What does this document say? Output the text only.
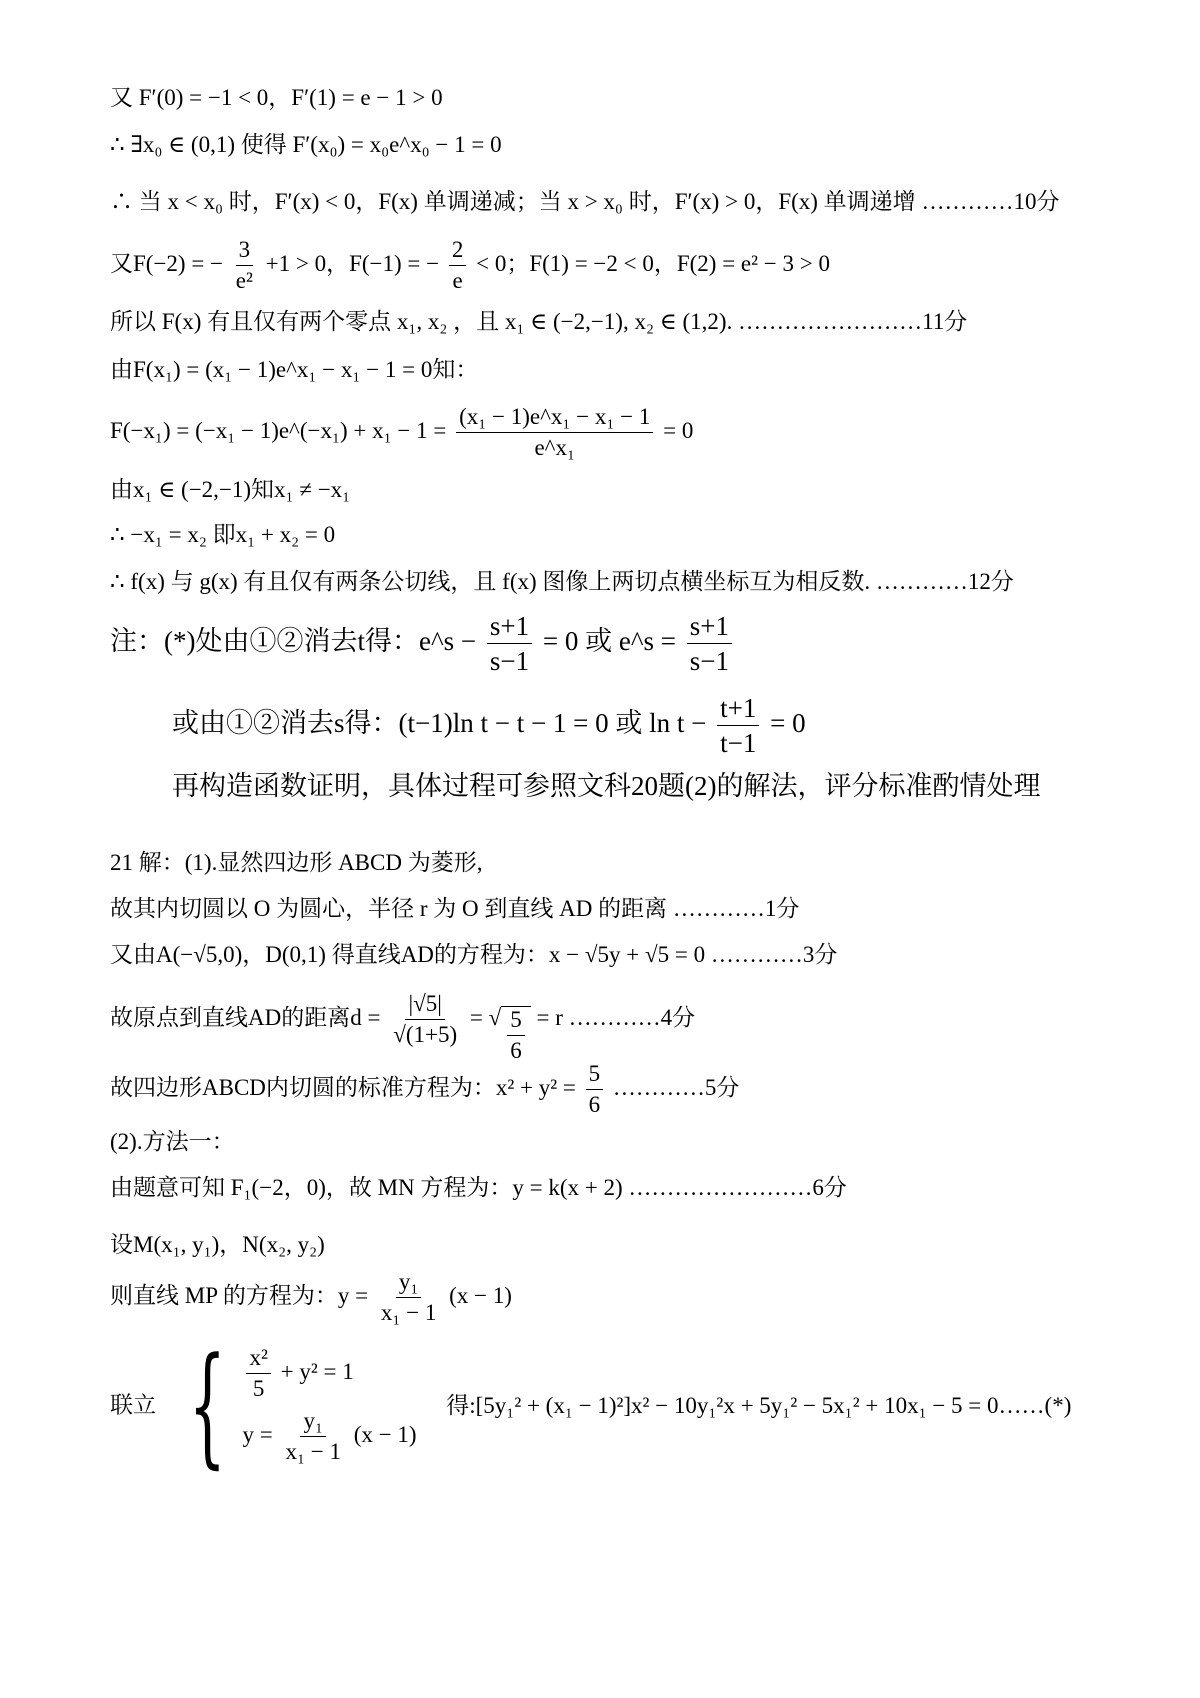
又 F′(0) = −1 < 0，F′(1) = e − 1 > 0
∴ ∃x₀ ∈ (0,1) 使得 F′(x₀) = x₀e^x₀ − 1 = 0
∴ 当 x < x₀ 时，F′(x) < 0，F(x) 单调递减；当 x > x₀ 时，F′(x) > 0，F(x) 单调递增 …………10分
又F(−2) = − $\frac{3}{\text{e²}} +1 > 0$，F(−1) = − $\frac{2}{e} < 0$；F(1) = −2 < 0，F(2) = e² − 3 > 0
所以 F(x) 有且仅有两个零点 x₁, x₂ ，且 x₁ ∈ (−2,−1), x₂ ∈ (1,2). ……………………11分
由F(x₁) = (x₁ − 1)e^x₁ − x₁ − 1 = 0知：
F(−x₁) = (−x₁ − 1)e^(−x₁) + $x_1 - 1 = \frac{\text{(x₁ − 1)e\textasciicircum{}x₁ − x₁ − 1}}{\text{e\textasciicircum{}x₁}} = 0$
由x₁ ∈ (−2,−1)知x₁ ≠ −x₁
∴ −x₁ = x₂ 即x₁ + x₂ = 0
∴ f(x) 与 g(x) 有且仅有两条公切线，且 f(x) 图像上两切点横坐标互为相反数. …………12分
注：(*)处由①②消去t得：e^s − $\frac{s+1}{s-1} = 0$ 或 e^s = $\frac{s+1}{s-1}$
或由①②消去s得：(t−1)ln t − t − 1 = 0 或 $\ln t - \frac{t+1}{t-1} = 0$
再构造函数证明，具体过程可参照文科20题(2)的解法，评分标准酌情处理
21 解：(1).显然四边形 ABCD 为菱形,
故其内切圆以 O 为圆心，半径 r 为 O 到直线 AD 的距离 …………1分
又由A(−√5,0)，D(0,1) 得直线AD的方程为：x − √5y + √5 = 0 …………3分
故原点到直线AD的距离$d = \frac{|√5|}{√(1+5)}$ = √ $\frac{5}{6} = r$ …………4分
故四边形ABCD内切圆的标准方程为：$x^2 + y^2 = \frac{5}{6}$ …………5分
(2).方法一：
由题意可知 F₁(−2，0)，故 MN 方程为：y = k(x + 2) ……………………6分
设M(x₁, y₁)，N(x₂, y₂)
则直线 MP 的方程为：$y = \frac{\text{y₁}}{\text{x₁ − 1}} (x - 1)$
联立 { $\frac{\text{x²}}{5} + y^2 = 1$
$y = \frac{\text{y₁}}{\text{x₁ − 1}} (x - 1)$
得:[5y₁² + (x₁ − 1)²]x² − 10y₁²x + 5y₁² − 5x₁² + 10x₁ − 5 = 0……(*)
